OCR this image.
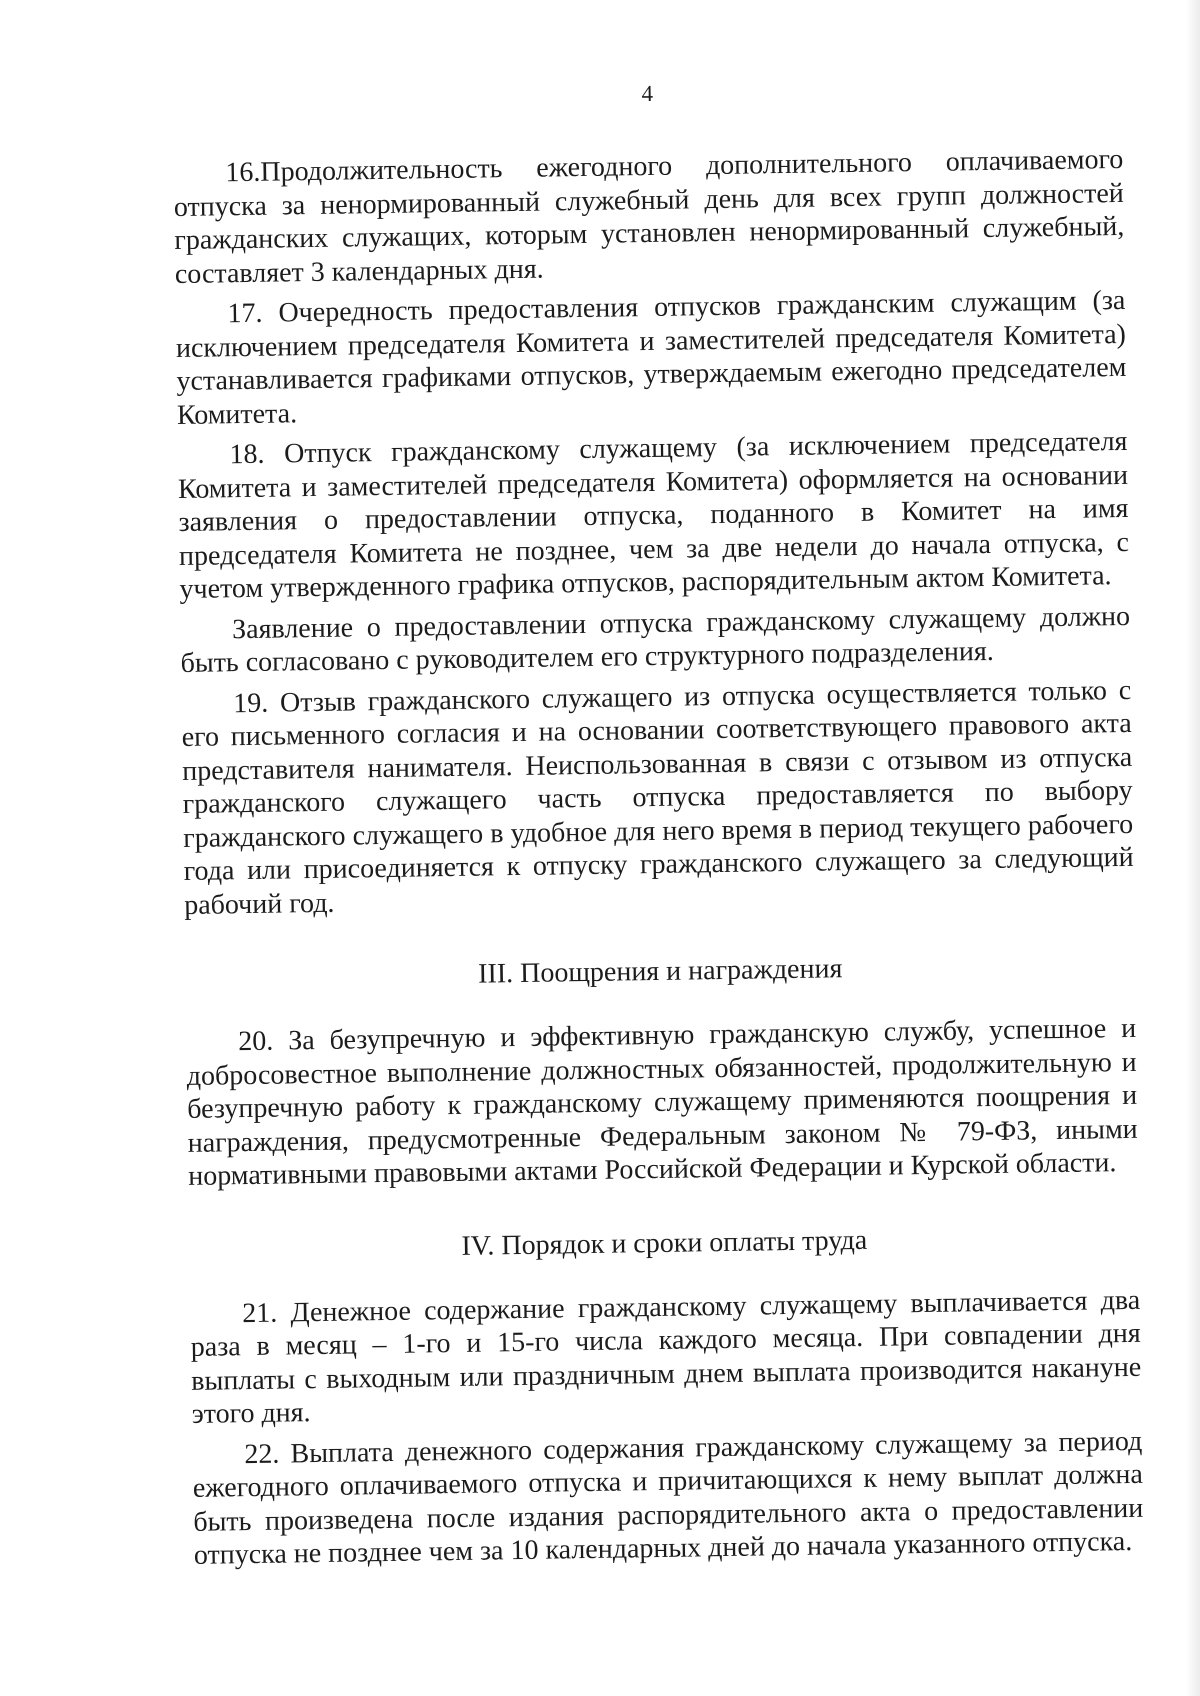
4

16.Продолжительность ежегодного дополнительного оплачиваемого отпуска за ненормированный служебный день для всех групп должностей гражданских служащих, которым установлен ненормированный служебный, составляет 3 календарных дня.

17. Очередность предоставления отпусков гражданским служащим (за исключением председателя Комитета и заместителей председателя Комитета) устанавливается графиками отпусков, утверждаемым ежегодно председателем Комитета.

18. Отпуск гражданскому служащему (за исключением председателя Комитета и заместителей председателя Комитета) оформляется на основании заявления о предоставлении отпуска, поданного в Комитет на имя председателя Комитета не позднее, чем за две недели до начала отпуска, с учетом утвержденного графика отпусков, распорядительным актом Комитета.

Заявление о предоставлении отпуска гражданскому служащему должно быть согласовано с руководителем его структурного подразделения.

19. Отзыв гражданского служащего из отпуска осуществляется только с его письменного согласия и на основании соответствующего правового акта представителя нанимателя. Неиспользованная в связи с отзывом из отпуска гражданского служащего часть отпуска предоставляется по выбору гражданского служащего в удобное для него время в период текущего рабочего года или присоединяется к отпуску гражданского служащего за следующий рабочий год.

III. Поощрения и награждения

20. За безупречную и эффективную гражданскую службу, успешное и добросовестное выполнение должностных обязанностей, продолжительную и безупречную работу к гражданскому служащему применяются поощрения и награждения, предусмотренные Федеральным законом № 79-ФЗ, иными нормативными правовыми актами Российской Федерации и Курской области.

IV. Порядок и сроки оплаты труда

21. Денежное содержание гражданскому служащему выплачивается два раза в месяц – 1-го и 15-го числа каждого месяца. При совпадении дня выплаты с выходным или праздничным днем выплата производится накануне этого дня.

22. Выплата денежного содержания гражданскому служащему за период ежегодного оплачиваемого отпуска и причитающихся к нему выплат должна быть произведена после издания распорядительного акта о предоставлении отпуска не позднее чем за 10 календарных дней до начала указанного отпуска.
